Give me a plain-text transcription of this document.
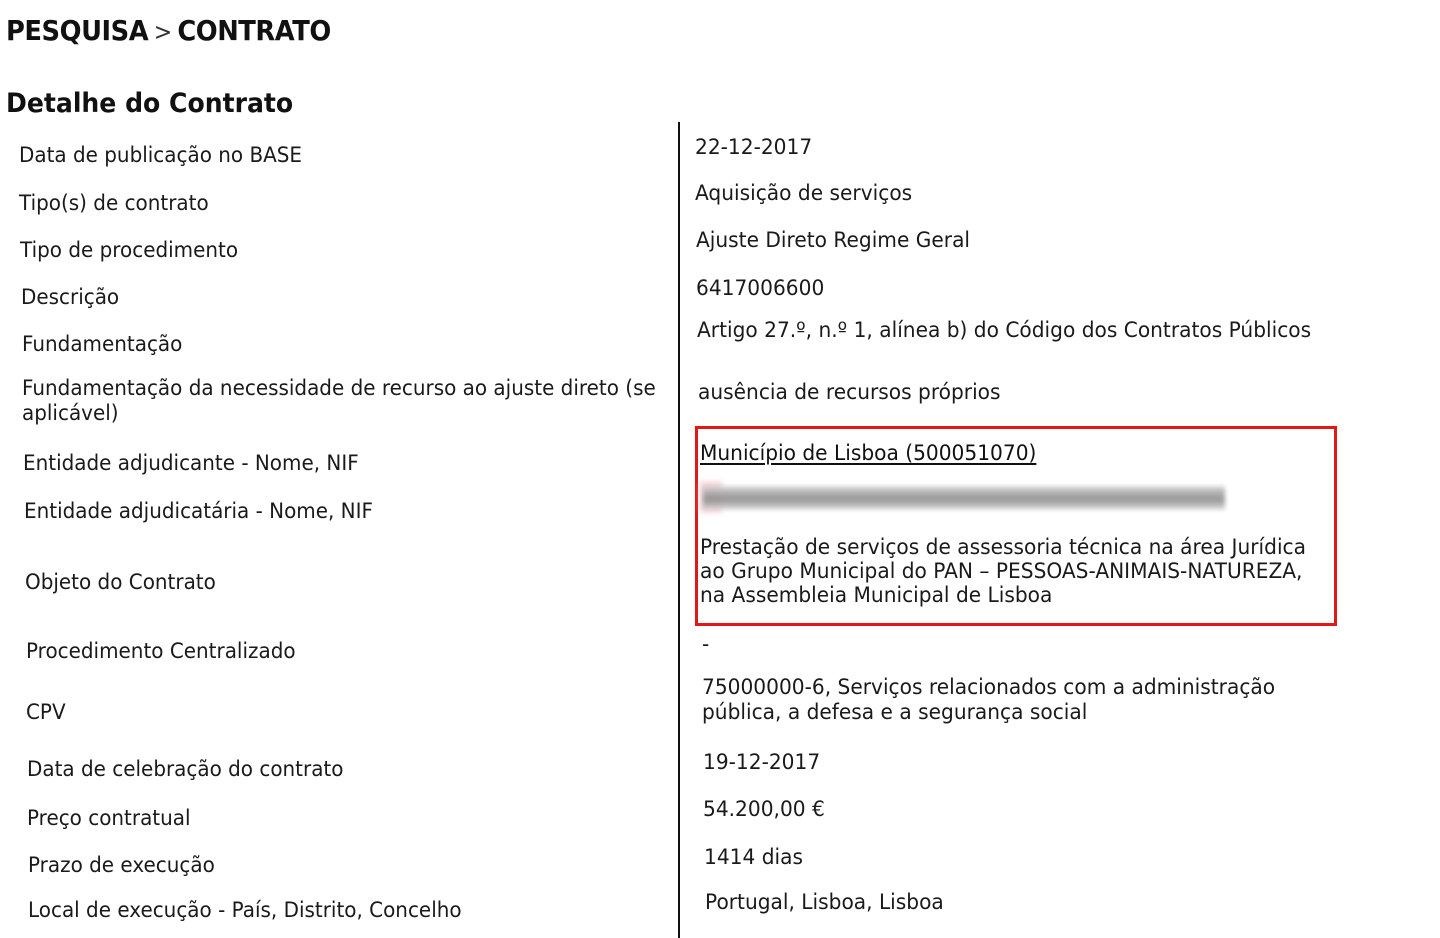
PESQUISA > CONTRATO
Detalhe do Contrato
Data de publicação no BASE
Tipo(s) de contrato
Tipo de procedimento
Descrição
Fundamentação
Fundamentação da necessidade de recurso ao ajuste direto (se aplicável)
Entidade adjudicante - Nome, NIF
Entidade adjudicatária - Nome, NIF
Objeto do Contrato
Procedimento Centralizado
CPV
Data de celebração do contrato
Preço contratual
Prazo de execução
Local de execução - País, Distrito, Concelho
22-12-2017
Aquisição de serviços
Ajuste Direto Regime Geral
6417006600
Artigo 27.º, n.º 1, alínea b) do Código dos Contratos Públicos
ausência de recursos próprios
Município de Lisboa (500051070)
Prestação de serviços de assessoria técnica na área Jurídica ao Grupo Municipal do PAN – PESSOAS-ANIMAIS-NATUREZA, na Assembleia Municipal de Lisboa
-
75000000-6, Serviços relacionados com a administração pública, a defesa e a segurança social
19-12-2017
54.200,00 €
1414 dias
Portugal, Lisboa, Lisboa
